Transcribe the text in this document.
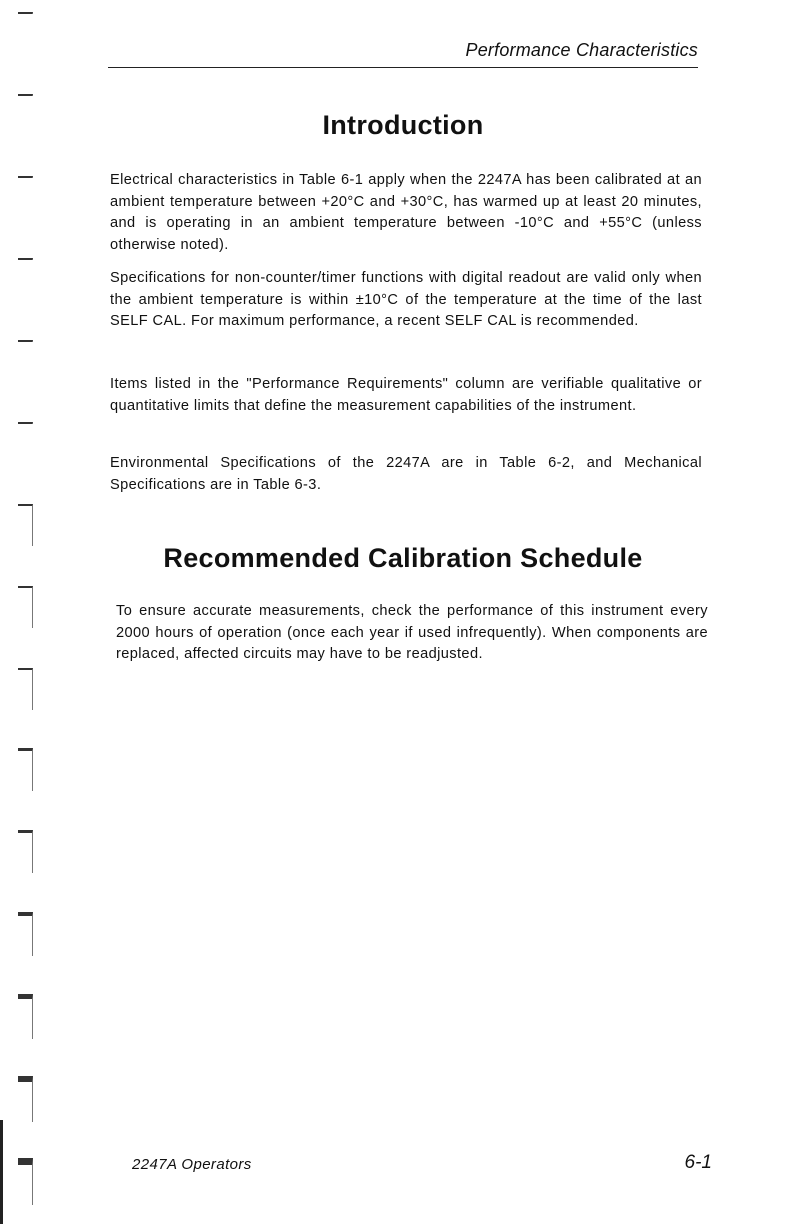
Performance Characteristics
Introduction

Electrical characteristics in Table 6-1 apply when the 2247A has been calibrated at an ambient temperature between +20°C and +30°C, has warmed up at least 20 minutes, and is operating in an ambient temperature between -10°C and +55°C (unless otherwise noted).

Specifications for non-counter/timer functions with digital readout are valid only when the ambient temperature is within ±10°C of the temperature at the time of the last SELF CAL. For maximum performance, a recent SELF CAL is recommended.

Items listed in the "Performance Requirements" column are verifiable qualitative or quantitative limits that define the measurement capabilities of the instrument.

Environmental Specifications of the 2247A are in Table 6-2, and Mechanical Specifications are in Table 6-3.

Recommended Calibration Schedule

To ensure accurate measurements, check the performance of this instrument every 2000 hours of operation (once each year if used infrequently). When components are replaced, affected circuits may have to be readjusted.

2247A Operators	6-1
